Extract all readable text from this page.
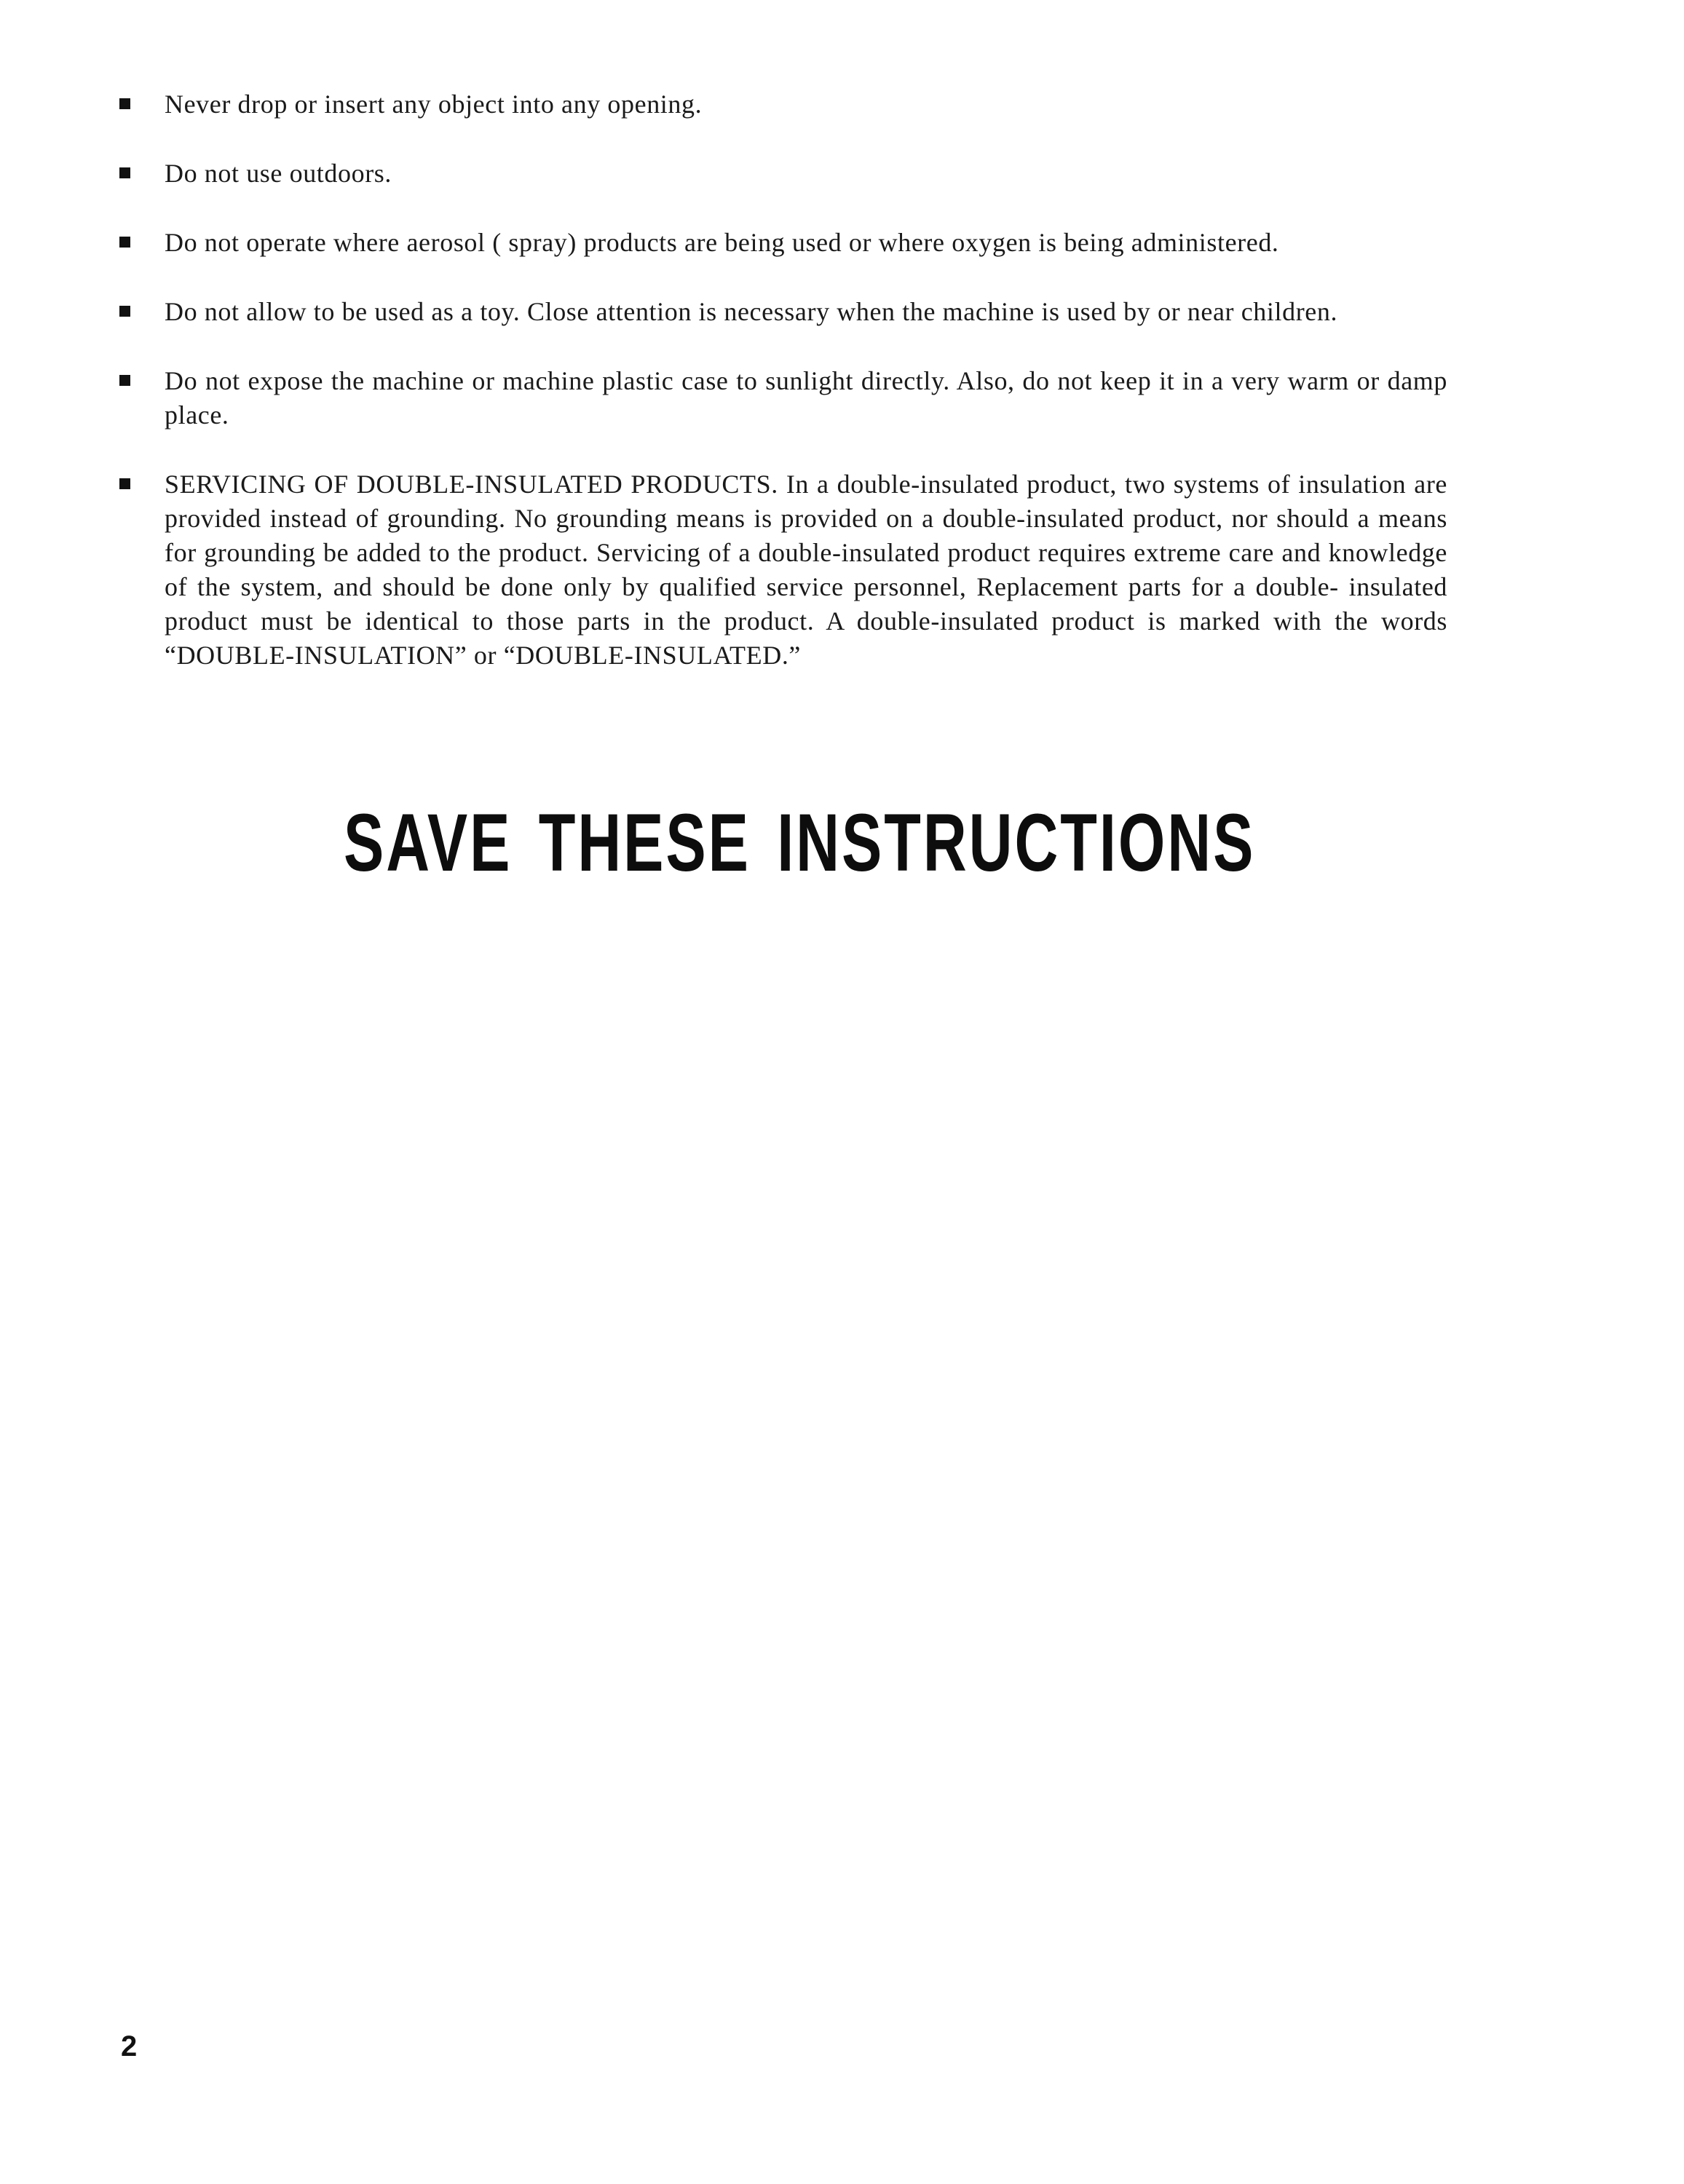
Never drop or insert any object into any opening.
Do not use outdoors.
Do not operate where aerosol ( spray) products are being used or where oxygen is being administered.
Do not allow to be used as a toy. Close attention is necessary when the machine is used by or near children.
Do not expose the machine or machine plastic case to sunlight directly. Also, do not keep it in a very warm or damp place.
SERVICING OF DOUBLE-INSULATED PRODUCTS. In a double-insulated product, two systems of insulation are provided instead of grounding. No grounding means is provided on a double-insulated product, nor should a means for grounding be added to the product. Servicing of a double-insulated product requires extreme care and knowledge of the system, and should be done only by qualified service personnel, Replacement parts for a double- insulated product must be identical to those parts in the product. A double-insulated product is marked with the words “DOUBLE-INSULATION” or “DOUBLE-INSULATED.”
SAVE THESE INSTRUCTIONS

2
